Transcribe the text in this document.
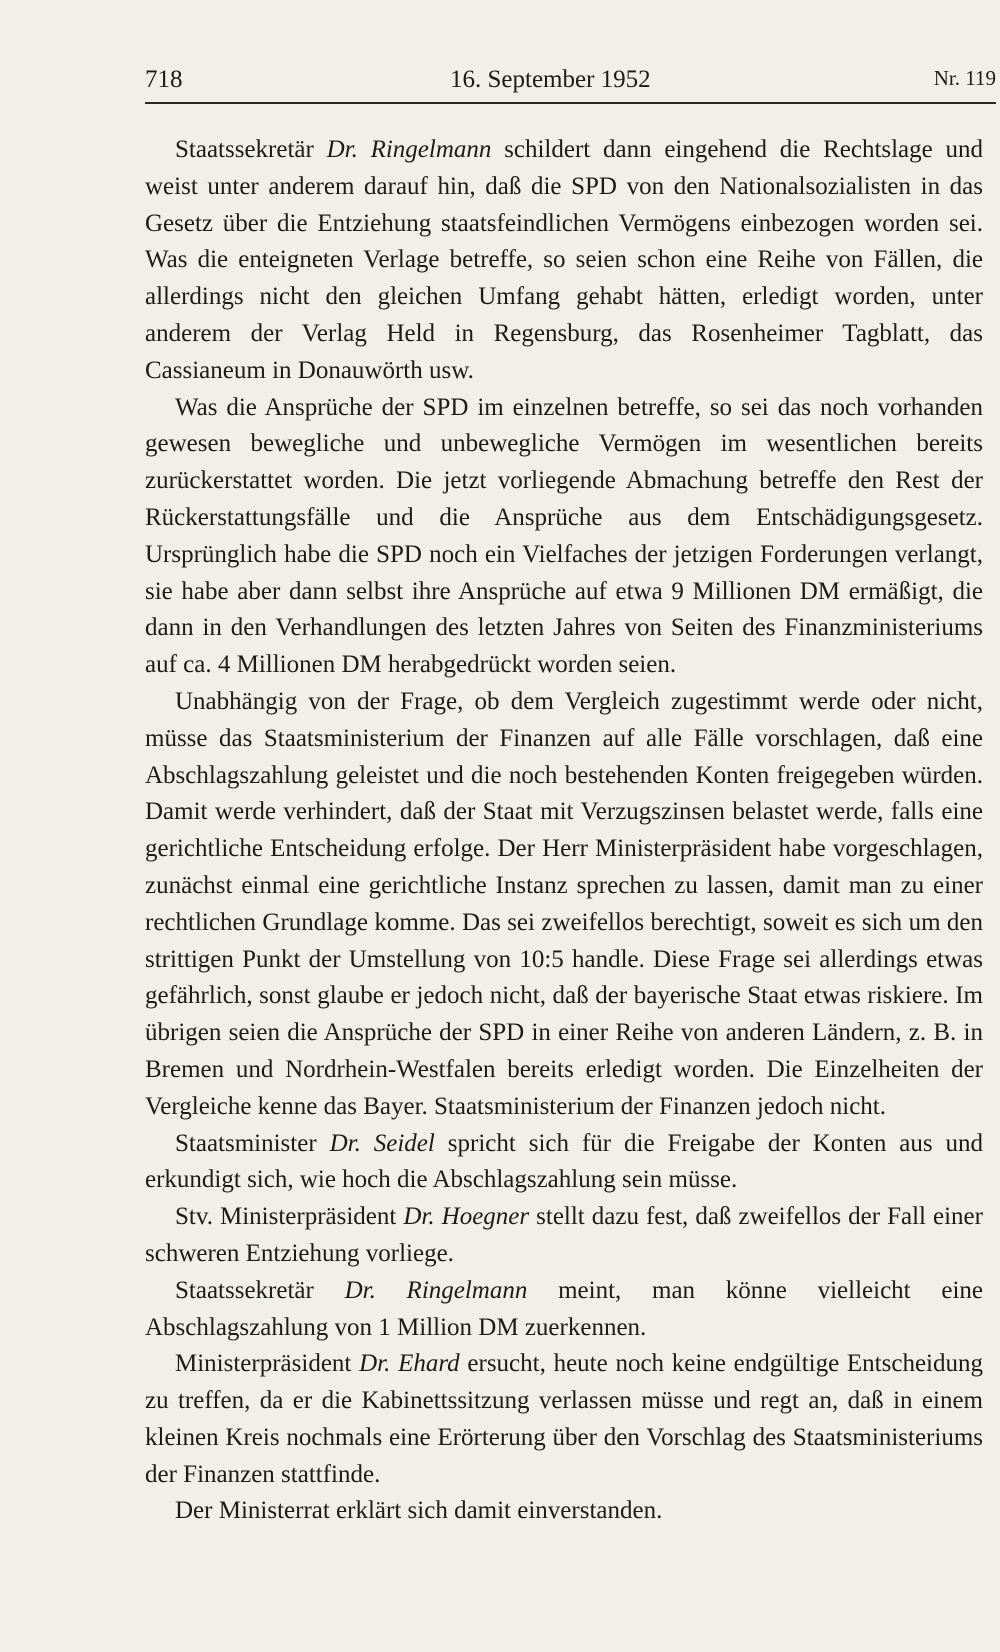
718	16. September 1952	Nr. 119

Staatssekretär Dr. Ringelmann schildert dann eingehend die Rechtslage und weist unter anderem darauf hin, daß die SPD von den Nationalsozialisten in das Gesetz über die Entziehung staatsfeindlichen Vermögens einbezogen worden sei. Was die enteigneten Verlage betreffe, so seien schon eine Reihe von Fällen, die allerdings nicht den gleichen Umfang gehabt hätten, erledigt worden, unter anderem der Verlag Held in Regensburg, das Rosenheimer Tagblatt, das Cassianeum in Donauwörth usw.

Was die Ansprüche der SPD im einzelnen betreffe, so sei das noch vorhanden gewesen bewegliche und unbewegliche Vermögen im wesentlichen bereits zurückerstattet worden. Die jetzt vorliegende Abmachung betreffe den Rest der Rückerstattungsfälle und die Ansprüche aus dem Entschädigungsgesetz. Ursprünglich habe die SPD noch ein Vielfaches der jetzigen Forderungen verlangt, sie habe aber dann selbst ihre Ansprüche auf etwa 9 Millionen DM ermäßigt, die dann in den Verhandlungen des letzten Jahres von Seiten des Finanzministeriums auf ca. 4 Millionen DM herabgedrückt worden seien.

Unabhängig von der Frage, ob dem Vergleich zugestimmt werde oder nicht, müsse das Staatsministerium der Finanzen auf alle Fälle vorschlagen, daß eine Abschlagszahlung geleistet und die noch bestehenden Konten freigegeben würden. Damit werde verhindert, daß der Staat mit Verzugszinsen belastet werde, falls eine gerichtliche Entscheidung erfolge. Der Herr Ministerpräsident habe vorgeschlagen, zunächst einmal eine gerichtliche Instanz sprechen zu lassen, damit man zu einer rechtlichen Grundlage komme. Das sei zweifellos berechtigt, soweit es sich um den strittigen Punkt der Umstellung von 10:5 handle. Diese Frage sei allerdings etwas gefährlich, sonst glaube er jedoch nicht, daß der bayerische Staat etwas riskiere. Im übrigen seien die Ansprüche der SPD in einer Reihe von anderen Ländern, z. B. in Bremen und Nordrhein-Westfalen bereits erledigt worden. Die Einzelheiten der Vergleiche kenne das Bayer. Staatsministerium der Finanzen jedoch nicht.

Staatsminister Dr. Seidel spricht sich für die Freigabe der Konten aus und erkundigt sich, wie hoch die Abschlagszahlung sein müsse.

Stv. Ministerpräsident Dr. Hoegner stellt dazu fest, daß zweifellos der Fall einer schweren Entziehung vorliege.

Staatssekretär Dr. Ringelmann meint, man könne vielleicht eine Abschlagszahlung von 1 Million DM zuerkennen.

Ministerpräsident Dr. Ehard ersucht, heute noch keine endgültige Entscheidung zu treffen, da er die Kabinettssitzung verlassen müsse und regt an, daß in einem kleinen Kreis nochmals eine Erörterung über den Vorschlag des Staatsministeriums der Finanzen stattfinde.

Der Ministerrat erklärt sich damit einverstanden.
